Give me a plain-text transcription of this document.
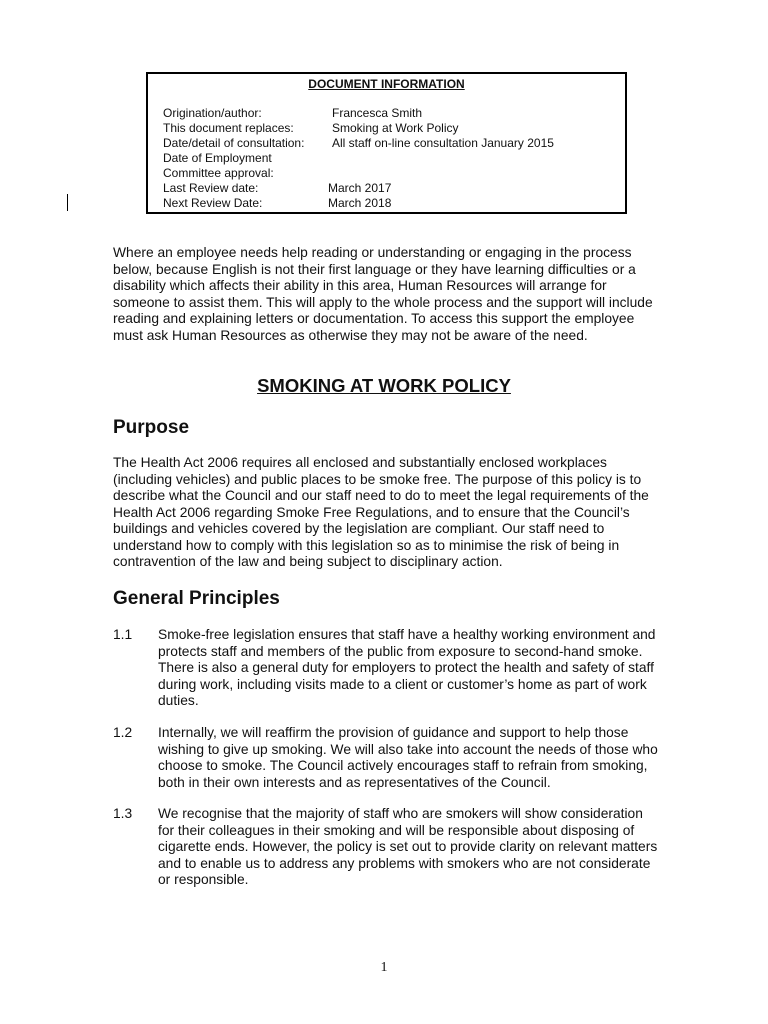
DOCUMENT INFORMATION
Origination/author:	Francesca Smith
This document replaces:	Smoking at Work Policy
Date/detail of consultation: All staff on-line consultation January 2015
Date of Employment
Committee approval:
Last Review date:	March 2017
Next Review Date:	March 2018

Where an employee needs help reading or understanding or engaging in the process below, because English is not their first language or they have learning difficulties or a disability which affects their ability in this area, Human Resources will arrange for someone to assist them. This will apply to the whole process and the support will include reading and explaining letters or documentation. To access this support the employee must ask Human Resources as otherwise they may not be aware of the need.

SMOKING AT WORK POLICY
Purpose

The Health Act 2006 requires all enclosed and substantially enclosed workplaces (including vehicles) and public places to be smoke free. The purpose of this policy is to describe what the Council and our staff need to do to meet the legal requirements of the Health Act 2006 regarding Smoke Free Regulations, and to ensure that the Council’s buildings and vehicles covered by the legislation are compliant. Our staff need to understand how to comply with this legislation so as to minimise the risk of being in contravention of the law and being subject to disciplinary action.

General Principles
1.1 Smoke-free legislation ensures that staff have a healthy working environment and protects staff and members of the public from exposure to second-hand smoke. There is also a general duty for employers to protect the health and safety of staff during work, including visits made to a client or customer’s home as part of work duties.
1.2 Internally, we will reaffirm the provision of guidance and support to help those wishing to give up smoking. We will also take into account the needs of those who choose to smoke. The Council actively encourages staff to refrain from smoking, both in their own interests and as representatives of the Council.
1.3 We recognise that the majority of staff who are smokers will show consideration for their colleagues in their smoking and will be responsible about disposing of cigarette ends. However, the policy is set out to provide clarity on relevant matters and to enable us to address any problems with smokers who are not considerate or responsible.
1
